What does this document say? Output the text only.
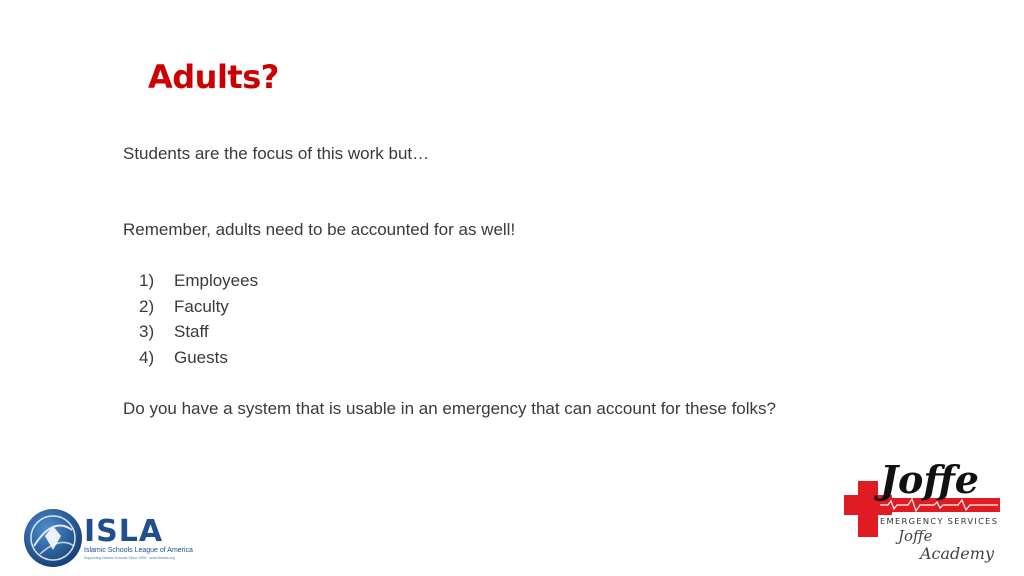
Adults?
Students are the focus of this work but…
Remember, adults need to be accounted for as well!
1) Employees
2) Faculty
3) Staff
4) Guests
Do you have a system that is usable in an emergency that can account for these folks?
ISLA
Islamic Schools League of America
Supporting Islamic Schools Since 1999 · www.theisla.org
Joffe
EMERGENCY SERVICES
Joffe
Academy
